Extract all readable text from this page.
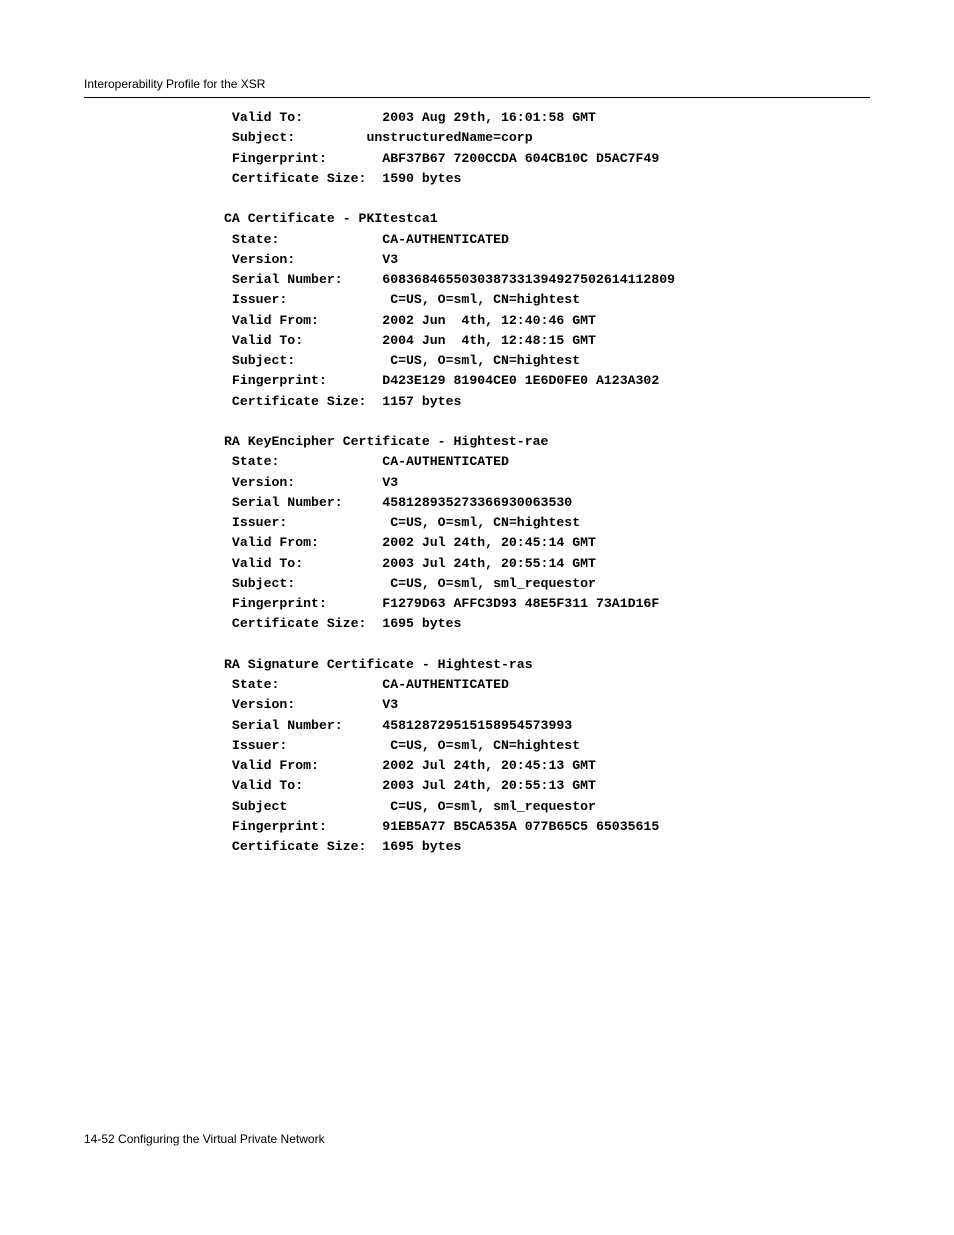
Interoperability Profile for the XSR
Valid To:          2003 Aug 29th, 16:01:58 GMT
Subject:         unstructuredName=corp
Fingerprint:       ABF37B67 7200CCDA 604CB10C D5AC7F49
Certificate Size:  1590 bytes
CA Certificate - PKItestca1
State:             CA-AUTHENTICATED
Version:           V3
Serial Number:     6083684655030387331394927502614112809
Issuer:             C=US, O=sml, CN=hightest
Valid From:        2002 Jun  4th, 12:40:46 GMT
Valid To:          2004 Jun  4th, 12:48:15 GMT
Subject:            C=US, O=sml, CN=hightest
Fingerprint:       D423E129 81904CE0 1E6D0FE0 A123A302
Certificate Size:  1157 bytes
RA KeyEncipher Certificate - Hightest-rae
State:             CA-AUTHENTICATED
Version:           V3
Serial Number:     458128935273366930063530
Issuer:             C=US, O=sml, CN=hightest
Valid From:        2002 Jul 24th, 20:45:14 GMT
Valid To:          2003 Jul 24th, 20:55:14 GMT
Subject:            C=US, O=sml, sml_requestor
Fingerprint:       F1279D63 AFFC3D93 48E5F311 73A1D16F
Certificate Size:  1695 bytes
RA Signature Certificate - Hightest-ras
State:             CA-AUTHENTICATED
Version:           V3
Serial Number:     458128729515158954573993
Issuer:             C=US, O=sml, CN=hightest
Valid From:        2002 Jul 24th, 20:45:13 GMT
Valid To:          2003 Jul 24th, 20:55:13 GMT
Subject             C=US, O=sml, sml_requestor
Fingerprint:       91EB5A77 B5CA535A 077B65C5 65035615
Certificate Size:  1695 bytes
14-52 Configuring the Virtual Private Network
